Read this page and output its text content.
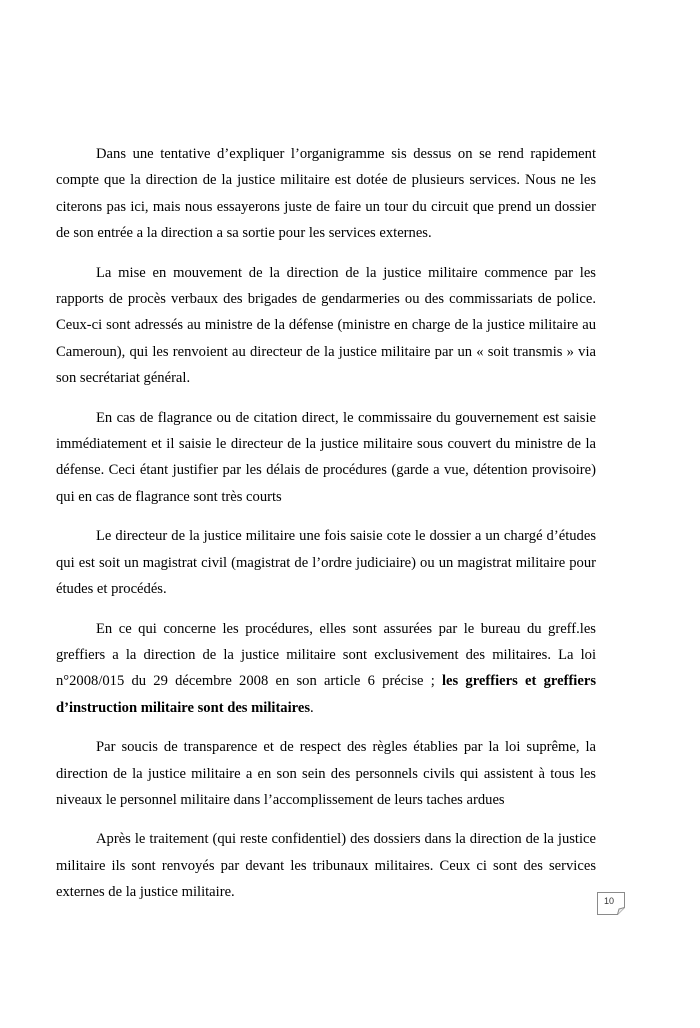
Dans une tentative d’expliquer l’organigramme sis dessus on se rend rapidement compte que la direction de la justice militaire est dotée de plusieurs services. Nous ne les citerons pas ici, mais nous essayerons juste de faire un tour du circuit que prend un dossier de son entrée a la direction a sa sortie pour les services externes.

La mise en mouvement de la direction de la justice militaire commence par les rapports de procès verbaux des brigades de gendarmeries ou des commissariats de police. Ceux-ci sont adressés au ministre de la défense (ministre en charge de la justice militaire au Cameroun), qui les renvoient au directeur de la justice militaire par un « soit transmis » via son secrétariat général.

En cas de flagrance ou de citation direct, le commissaire du gouvernement est saisie immédiatement et il saisie le directeur de la justice militaire sous couvert du ministre de la défense. Ceci étant justifier par les délais de procédures (garde a vue, détention provisoire) qui en cas de flagrance sont très courts

Le directeur de la justice militaire une fois saisie cote le dossier a un chargé d’études qui est soit un magistrat civil (magistrat de l’ordre judiciaire) ou un magistrat militaire pour études et procédés.

En ce qui concerne les procédures, elles sont assurées par le bureau du greff.les greffiers a la direction de la justice militaire sont exclusivement des militaires. La loi n°2008/015 du 29 décembre 2008 en son article 6 précise ; les greffiers et greffiers d’instruction militaire sont des militaires.

Par soucis de transparence et de respect des règles établies par la loi suprême, la direction de la justice militaire a en son sein des personnels civils qui assistent à tous les niveaux le personnel militaire dans l’accomplissement de leurs taches ardues

Après le traitement (qui reste confidentiel) des dossiers dans la direction de la justice militaire ils sont renvoyés par devant les tribunaux militaires. Ceux ci sont des services externes de la justice militaire.

10
